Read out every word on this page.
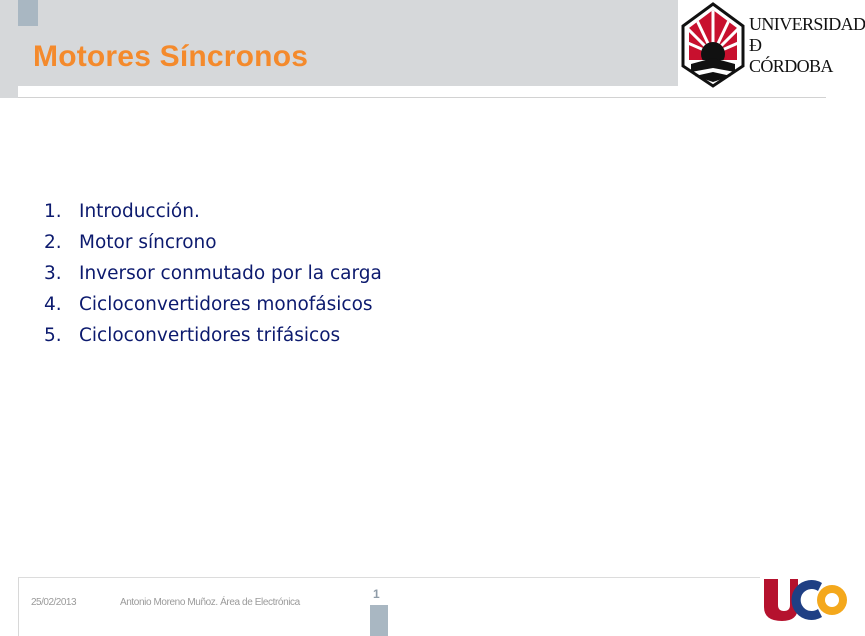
Motores Síncronos
UNIVERSIDAD
Ð
CÓRDOBA
1. Introducción.
2. Motor síncrono
3. Inversor conmutado por la carga
4. Cicloconvertidores monofásicos
5. Cicloconvertidores trifásicos
25/02/2013	Antonio Moreno Muñoz. Área de Electrónica
1
